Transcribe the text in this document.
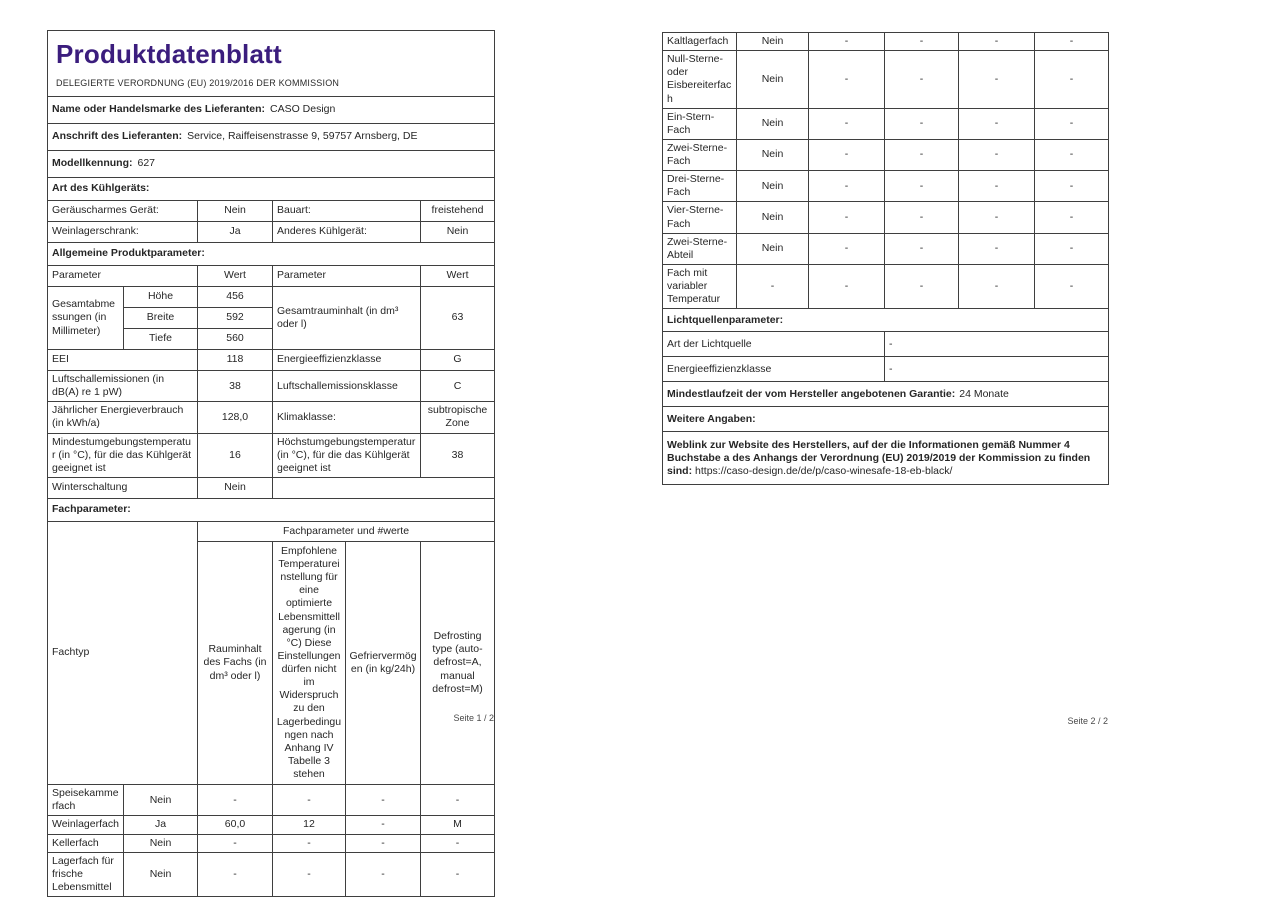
Produktdatenblatt
DELEGIERTE VERORDNUNG (EU) 2019/2016 DER KOMMISSION					

Name oder Handelsmarke des Lieferanten: CASO Design					
Anschrift des Lieferanten: Service, Raiffeisenstrasse 9, 59757 Arnsberg, DE					
Modellkennung: 627					
Art des Kühlgeräts:					
Geräuscharmes Gerät:		Nein	Bauart:		freistehend
Weinlagerschrank:		Ja	Anderes Kühlgerät:		Nein
Allgemeine Produktparameter:					
Parameter		Wert	Parameter		Wert
Gesamtabmessungen (in Millimeter)	Höhe	456	Gesamtrauminhalt (in dm³ oder l)		63
	Breite	592			
	Tiefe	560			
EEI		118	Energieeffizienzklasse		G
Luftschallemissionen (in dB(A) re 1 pW)		38	Luftschallemissionsklasse		C
Jährlicher Energieverbrauch (in kWh/a)		128,0	Klimaklasse:		subtropische Zone
Mindestumgebungstemperatur (in °C), für die das Kühlgerät geeignet ist		16	Höchstumgebungstemperatur (in °C), für die das Kühlgerät geeignet ist		38
Winterschaltung		Nein			
Fachparameter:					
Fachtyp		Fachparameter und #werte			
		Rauminhalt des Fachs (in dm³ oder l)	Empfohlene Temperatureinstellung für eine optimierte Lebensmittellagerung (in °C) Diese Einstellungen dürfen nicht im Widerspruch zu den Lagerbedingungen nach Anhang IV Tabelle 3 stehen	Gefriervermögen (in kg/24h)	Defrosting type (auto-defrost=A, manual defrost=M)
Speisekammerfach	Nein	-	-	-	-
Weinlagerfach	Ja	60,0	12	-	M
Kellerfach	Nein	-	-	-	-
Lagerfach für frische Lebensmittel	Nein	-	-	-	-
Seite 1 / 2
Kaltlagerfach	Nein	-	-	-	-
Null-Sterne- oder Eisbereiterfach	Nein	-	-	-	-
Ein-Stern-Fach	Nein	-	-	-	-
Zwei-Sterne-Fach	Nein	-	-	-	-
Drei-Sterne-Fach	Nein	-	-	-	-
Vier-Sterne-Fach	Nein	-	-	-	-
Zwei-Sterne-Abteil	Nein	-	-	-	-
Fach mit variabler Temperatur	-	-	-	-	-
Lichtquellenparameter:					
Art der Lichtquelle			-		
Energieeffizienzklasse			-		
Mindestlaufzeit der vom Hersteller angebotenen Garantie: 24 Monate					
Weitere Angaben:					
Weblink zur Website des Herstellers, auf der die Informationen gemäß Nummer 4 Buchstabe a des Anhangs der Verordnung (EU) 2019/2019 der Kommission zu finden sind: https://caso-design.de/de/p/caso-winesafe-18-eb-black/					
Seite 2 / 2
